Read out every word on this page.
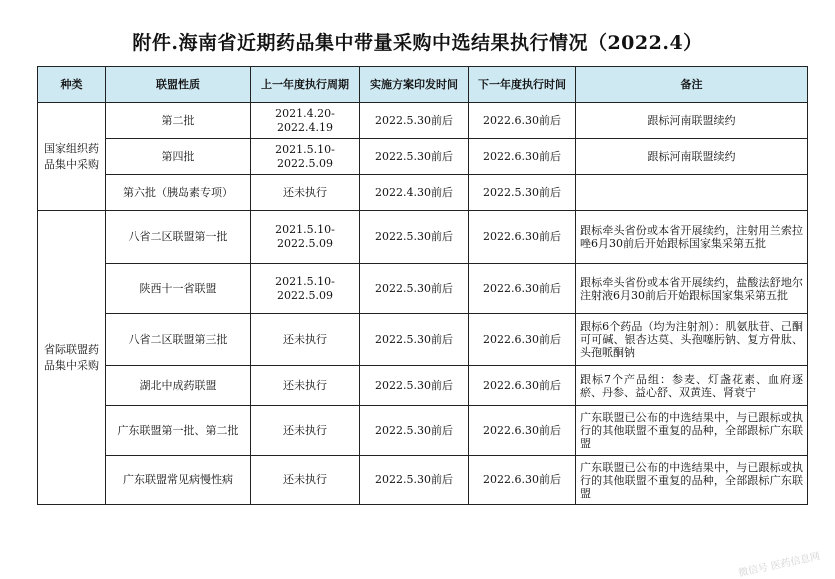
附件.海南省近期药品集中带量采购中选结果执行情况（2022.4）
种类	联盟性质	上一年度执行周期	实施方案印发时间	下一年度执行时间	备注
国家组织药品集中采购	第二批	2021.4.20-2022.4.19	2022.5.30前后	2022.6.30前后	跟标河南联盟续约
	第四批	2021.5.10-2022.5.09	2022.5.30前后	2022.6.30前后	跟标河南联盟续约
	第六批（胰岛素专项）	还未执行	2022.4.30前后	2022.5.30前后	
省际联盟药品集中采购	八省二区联盟第一批	2021.5.10-2022.5.09	2022.5.30前后	2022.6.30前后	跟标牵头省份或本省开展续约，注射用兰索拉唑6月30前后开始跟标国家集采第五批
	陕西十一省联盟	2021.5.10-2022.5.09	2022.5.30前后	2022.6.30前后	跟标牵头省份或本省开展续约，盐酸法舒地尔注射液6月30前后开始跟标国家集采第五批
	八省二区联盟第三批	还未执行	2022.5.30前后	2022.6.30前后	跟标6个药品（均为注射剂）：肌氨肽苷、己酮可可碱、银杏达莫、头孢噻肟钠、复方骨肽、头孢哌酮钠
	湖北中成药联盟	还未执行	2022.5.30前后	2022.6.30前后	跟标7个产品组：参麦、灯盏花素、血府逐瘀、丹参、益心舒、双黄连、肾衰宁
	广东联盟第一批、第二批	还未执行	2022.5.30前后	2022.6.30前后	广东联盟已公布的中选结果中，与已跟标或执行的其他联盟不重复的品种，全部跟标广东联盟
	广东联盟常见病慢性病	还未执行	2022.5.30前后	2022.6.30前后	广东联盟已公布的中选结果中，与已跟标或执行的其他联盟不重复的品种，全部跟标广东联盟
微信号 医药信息网
